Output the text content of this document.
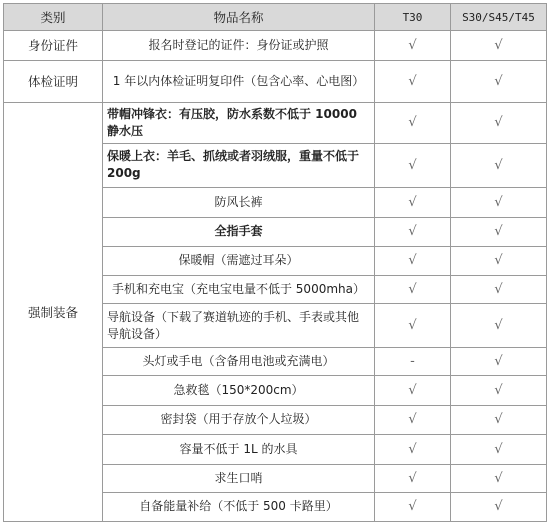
类别	物品名称	T30	S30/S45/T45
身份证件	报名时登记的证件：身份证或护照	√	√
体检证明	1 年以内体检证明复印件（包含心率、心电图）	√	√
强制装备	带帽冲锋衣：有压胶，防水系数不低于 10000 静水压	√	√
	保暖上衣：羊毛、抓绒或者羽绒服，重量不低于 200g	√	√
	防风长裤	√	√
	全指手套	√	√
	保暖帽（需遮过耳朵）	√	√
	手机和充电宝（充电宝电量不低于 5000mha）	√	√
	导航设备（下载了赛道轨迹的手机、手表或其他导航设备）	√	√
	头灯或手电（含备用电池或充满电）	-	√
	急救毯（150*200cm）	√	√
	密封袋（用于存放个人垃圾）	√	√
	容量不低于 1L 的水具	√	√
	求生口哨	√	√
	自备能量补给（不低于 500 卡路里）	√	√
